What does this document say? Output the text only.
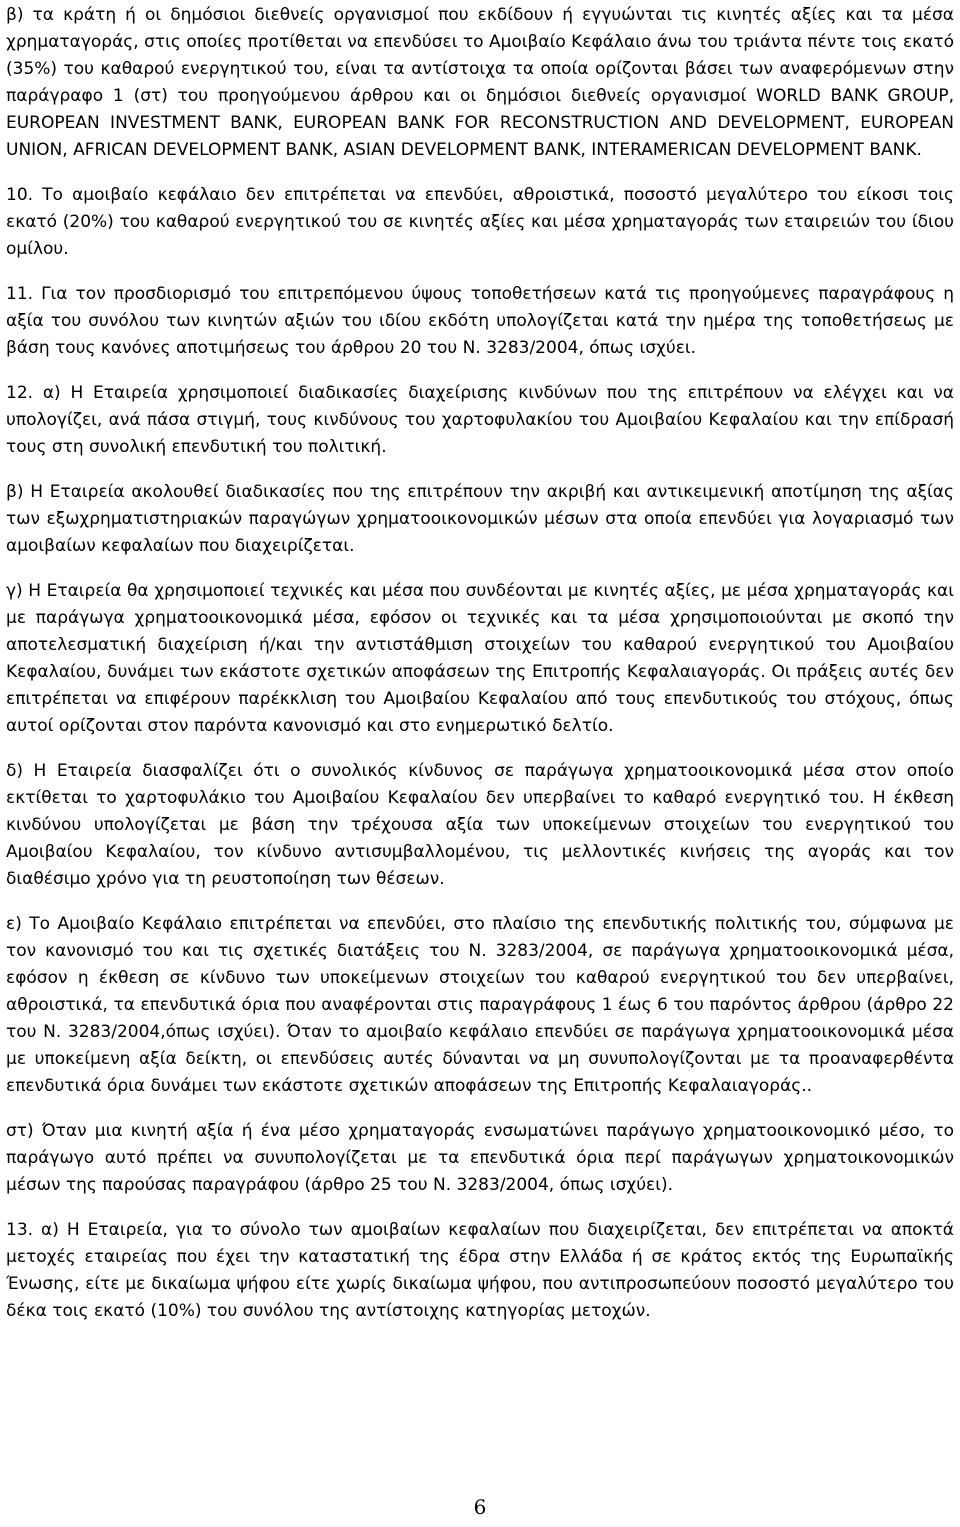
β) τα κράτη ή οι δημόσιοι διεθνείς οργανισμοί που εκδίδουν ή εγγυώνται τις κινητές αξίες και τα μέσα χρηματαγοράς, στις οποίες προτίθεται να επενδύσει το Αμοιβαίο Κεφάλαιο άνω του τριάντα πέντε τοις εκατό (35%) του καθαρού ενεργητικού του, είναι τα αντίστοιχα τα οποία ορίζονται βάσει των αναφερόμενων στην παράγραφο 1 (στ) του προηγούμενου άρθρου και οι δημόσιοι διεθνείς οργανισμοί WORLD BANK GROUP, EUROPEAN INVESTMENT BANK, EUROPEAN BANK FOR RECONSTRUCTION AND DEVELOPMENT, EUROPEAN UNION, AFRICAN DEVELOPMENT BANK, ASIAN DEVELOPMENT BANK, INTERAMERICAN DEVELOPMENT BANK.

10. Το αμοιβαίο κεφάλαιο δεν επιτρέπεται να επενδύει, αθροιστικά, ποσοστό μεγαλύτερο του είκοσι τοις εκατό (20%) του καθαρού ενεργητικού του σε κινητές αξίες και μέσα χρηματαγοράς των εταιρειών του ίδιου ομίλου.

11. Για τον προσδιορισμό του επιτρεπόμενου ύψους τοποθετήσεων κατά τις προηγούμενες παραγράφους η αξία του συνόλου των κινητών αξιών του ιδίου εκδότη υπολογίζεται κατά την ημέρα της τοποθετήσεως με βάση τους κανόνες αποτιμήσεως του άρθρου 20 του Ν. 3283/2004, όπως ισχύει.

12. α) Η Εταιρεία χρησιμοποιεί διαδικασίες διαχείρισης κινδύνων που της επιτρέπουν να ελέγχει και να υπολογίζει, ανά πάσα στιγμή, τους κινδύνους του χαρτοφυλακίου του Αμοιβαίου Κεφαλαίου και την επίδρασή τους στη συνολική επενδυτική του πολιτική.

β) Η Εταιρεία ακολουθεί διαδικασίες που της επιτρέπουν την ακριβή και αντικειμενική αποτίμηση της αξίας των εξωχρηματιστηριακών παραγώγων χρηματοοικονομικών μέσων στα οποία επενδύει για λογαριασμό των αμοιβαίων κεφαλαίων που διαχειρίζεται.

γ) Η Εταιρεία θα χρησιμοποιεί τεχνικές και μέσα που συνδέονται με κινητές αξίες, με μέσα χρηματαγοράς και με παράγωγα χρηματοοικονομικά μέσα, εφόσον οι τεχνικές και τα μέσα χρησιμοποιούνται με σκοπό την αποτελεσματική διαχείριση ή/και την αντιστάθμιση στοιχείων του καθαρού ενεργητικού του Αμοιβαίου Κεφαλαίου, δυνάμει των εκάστοτε σχετικών αποφάσεων της Επιτροπής Κεφαλαιαγοράς. Οι πράξεις αυτές δεν επιτρέπεται να επιφέρουν παρέκκλιση του Αμοιβαίου Κεφαλαίου από τους επενδυτικούς του στόχους, όπως αυτοί ορίζονται στον παρόντα κανονισμό και στο ενημερωτικό δελτίο.

δ) Η Εταιρεία διασφαλίζει ότι ο συνολικός κίνδυνος σε παράγωγα χρηματοοικονομικά μέσα στον οποίο εκτίθεται το χαρτοφυλάκιο του Αμοιβαίου Κεφαλαίου δεν υπερβαίνει το καθαρό ενεργητικό του. Η έκθεση κινδύνου υπολογίζεται με βάση την τρέχουσα αξία των υποκείμενων στοιχείων του ενεργητικού του Αμοιβαίου Κεφαλαίου, τον κίνδυνο αντισυμβαλλομένου, τις μελλοντικές κινήσεις της αγοράς και τον διαθέσιμο χρόνο για τη ρευστοποίηση των θέσεων.

ε) Το Αμοιβαίο Κεφάλαιο επιτρέπεται να επενδύει, στο πλαίσιο της επενδυτικής πολιτικής του, σύμφωνα με τον κανονισμό του και τις σχετικές διατάξεις του Ν. 3283/2004, σε παράγωγα χρηματοοικονομικά μέσα, εφόσον η έκθεση σε κίνδυνο των υποκείμενων στοιχείων του καθαρού ενεργητικού του δεν υπερβαίνει, αθροιστικά, τα επενδυτικά όρια που αναφέρονται στις παραγράφους 1 έως 6 του παρόντος άρθρου (άρθρο 22 του Ν. 3283/2004,όπως ισχύει). Όταν το αμοιβαίο κεφάλαιο επενδύει σε παράγωγα χρηματοοικονομικά μέσα με υποκείμενη αξία δείκτη, οι επενδύσεις αυτές δύνανται να μη συνυπολογίζονται με τα προαναφερθέντα επενδυτικά όρια δυνάμει των εκάστοτε σχετικών αποφάσεων της Επιτροπής Κεφαλαιαγοράς..

στ) Όταν μια κινητή αξία ή ένα μέσο χρηματαγοράς ενσωματώνει παράγωγο χρηματοοικονομικό μέσο, το παράγωγο αυτό πρέπει να συνυπολογίζεται με τα επενδυτικά όρια περί παράγωγων χρηματοικονομικών μέσων της παρούσας παραγράφου (άρθρο 25 του Ν. 3283/2004, όπως ισχύει).

13. α) Η Εταιρεία, για το σύνολο των αμοιβαίων κεφαλαίων που διαχειρίζεται, δεν επιτρέπεται να αποκτά μετοχές εταιρείας που έχει την καταστατική της έδρα στην Ελλάδα ή σε κράτος εκτός της Ευρωπαϊκής Ένωσης, είτε με δικαίωμα ψήφου είτε χωρίς δικαίωμα ψήφου, που αντιπροσωπεύουν ποσοστό μεγαλύτερο του δέκα τοις εκατό (10%) του συνόλου της αντίστοιχης κατηγορίας μετοχών.

6
